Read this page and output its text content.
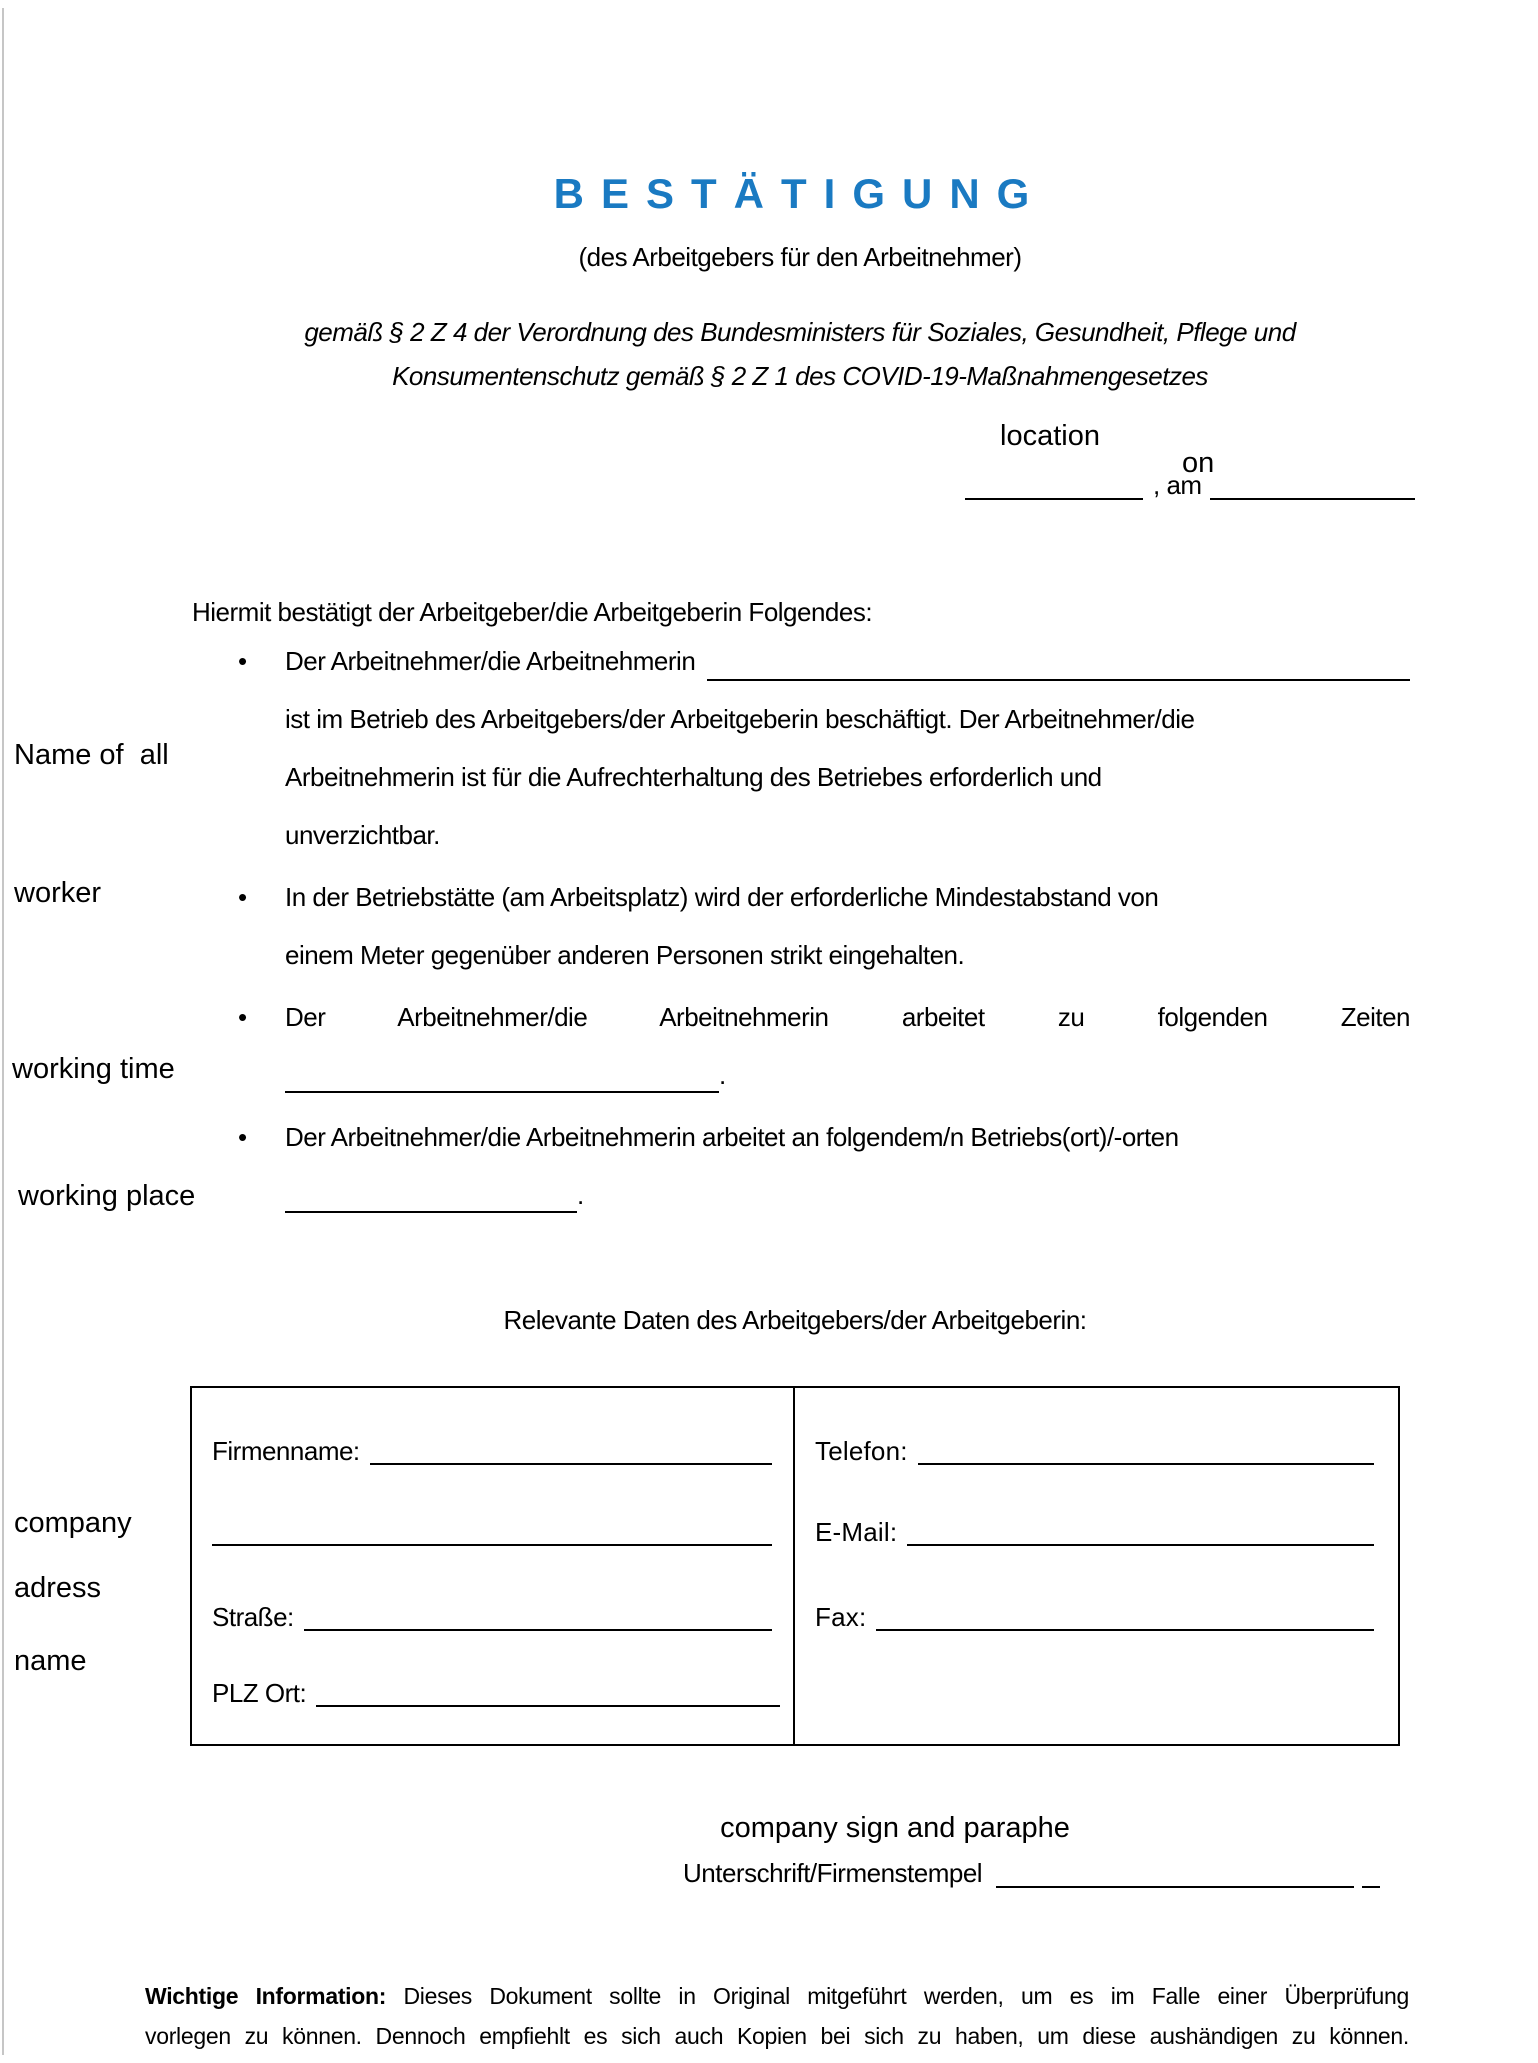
BESTÄTIGUNG
(des Arbeitgebers für den Arbeitnehmer)
gemäß § 2 Z 4 der Verordnung des Bundesministers für Soziales, Gesundheit, Pflege und
Konsumentenschutz gemäß § 2 Z 1 des COVID-19-Maßnahmengesetzes
location
on
, am
Hiermit bestätigt der Arbeitgeber/die Arbeitgeberin Folgendes:

Name of  all

worker

working time
working place

company

name

adress
•	Der Arbeitnehmer/die Arbeitnehmerin
ist im Betrieb des Arbeitgebers/der Arbeitgeberin beschäftigt. Der Arbeitnehmer/die
Arbeitnehmerin ist für die Aufrechterhaltung des Betriebes erforderlich und
unverzichtbar.
•	In der Betriebstätte (am Arbeitsplatz) wird der erforderliche Mindestabstand von
einem Meter gegenüber anderen Personen strikt eingehalten.
•	Der Arbeitnehmer/die Arbeitnehmerin arbeitet zu folgenden Zeiten
.
•	Der Arbeitnehmer/die Arbeitnehmerin arbeitet an folgendem/n Betriebs(ort)/-orten
.
Relevante Daten des Arbeitgebers/der Arbeitgeberin:
Firmenname:
Straße:
PLZ Ort:
Telefon:
E-Mail:
Fax:
company sign and paraphe
Unterschrift/Firmenstempel
Wichtige Information: Dieses Dokument sollte in Original mitgeführt werden, um es im Falle einer Überprüfung
vorlegen zu können. Dennoch empfiehlt es sich auch Kopien bei sich zu haben, um diese aushändigen zu können.
